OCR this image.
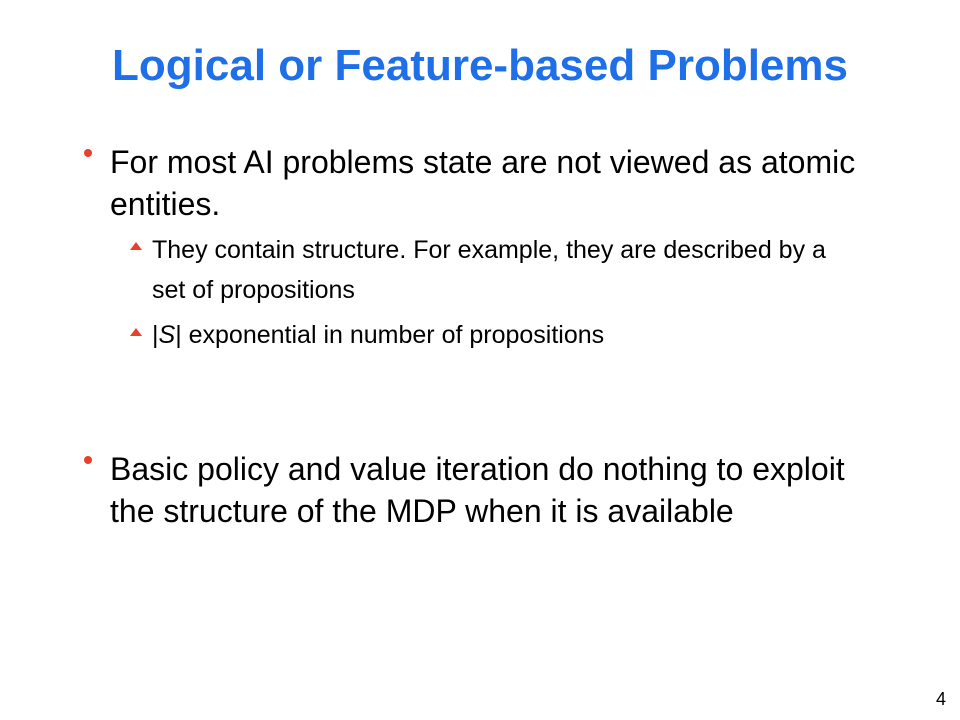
Logical or Feature-based Problems
For most AI problems state are not viewed as atomic entities.
They contain structure. For example, they are described by a set of propositions
|S| exponential in number of propositions
Basic policy and value iteration do nothing to exploit the structure of the MDP when it is available
4
